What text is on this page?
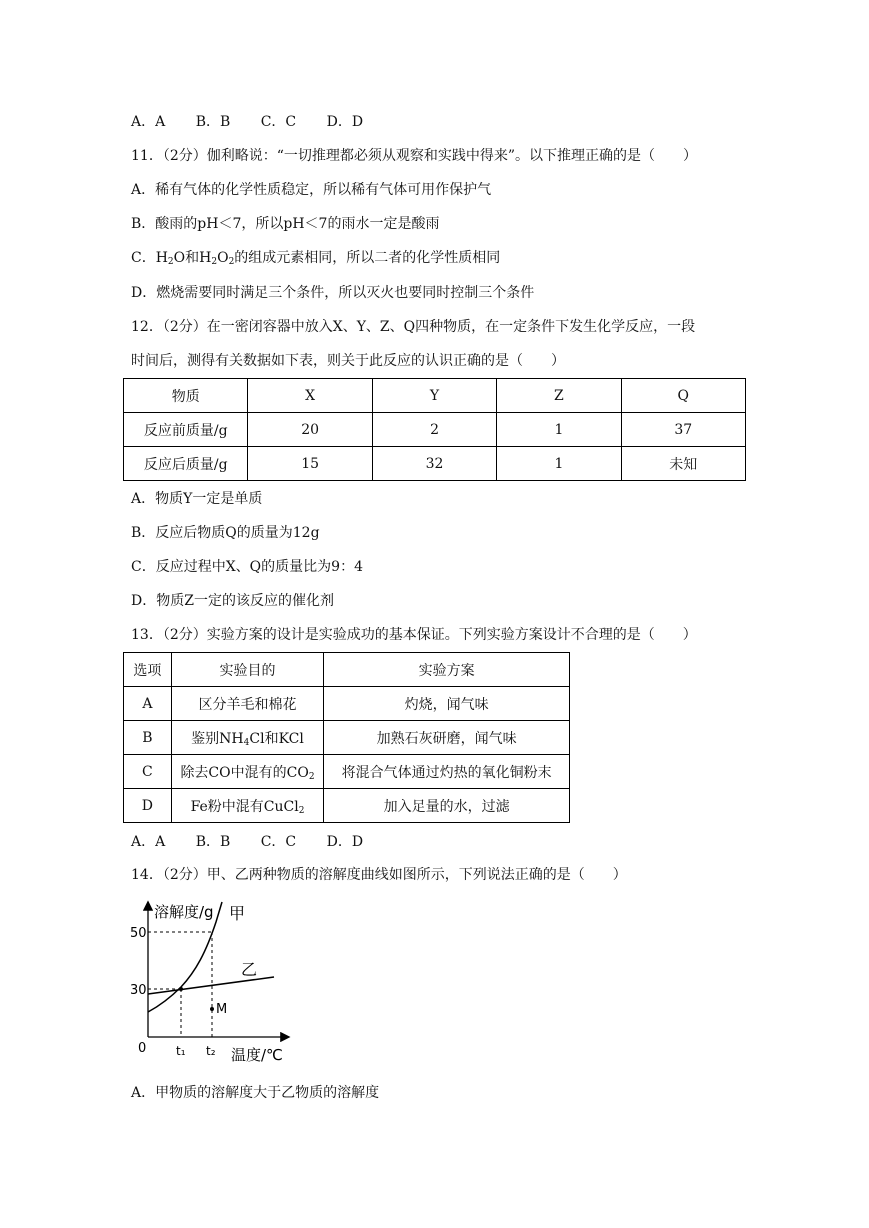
A．A B．B C．C D．D
11．（2分）伽利略说：“一切推理都必须从观察和实践中得来”。以下推理正确的是（　　）
A．稀有气体的化学性质稳定，所以稀有气体可用作保护气
B．酸雨的pH＜7，所以pH＜7的雨水一定是酸雨
C．$H_2O$和$H_2O_2$的组成元素相同，所以二者的化学性质相同
D．燃烧需要同时满足三个条件，所以灭火也要同时控制三个条件
12．（2分）在一密闭容器中放入X、Y、Z、Q四种物质，在一定条件下发生化学反应，一段
时间后，测得有关数据如下表，则关于此反应的认识正确的是（　　）
物质	X	Y	Z	Q
反应前质量/g	20	2	1	37
反应后质量/g	15	32	1	未知
A．物质Y一定是单质
B．反应后物质Q的质量为12g
C．反应过程中X、Q的质量比为9：4
D．物质Z一定的该反应的催化剂
13．（2分）实验方案的设计是实验成功的基本保证。下列实验方案设计不合理的是（　　）
选项	实验目的	实验方案
A	区分羊毛和棉花	灼烧，闻气味
B	鉴别$NH_4Cl$和KCl	加熟石灰研磨，闻气味
C	除去CO中混有的$CO_2$	将混合气体通过灼热的氧化铜粉末
D	Fe粉中混有CuCl$_2$	加入足量的水，过滤
A．A B．B C．C D．D
14．（2分）甲、乙两种物质的溶解度曲线如图所示，下列说法正确的是（　　）
溶解度/g
温度/℃
50
30
0 t₁ t₂
M
甲
乙
A．甲物质的溶解度大于乙物质的溶解度
